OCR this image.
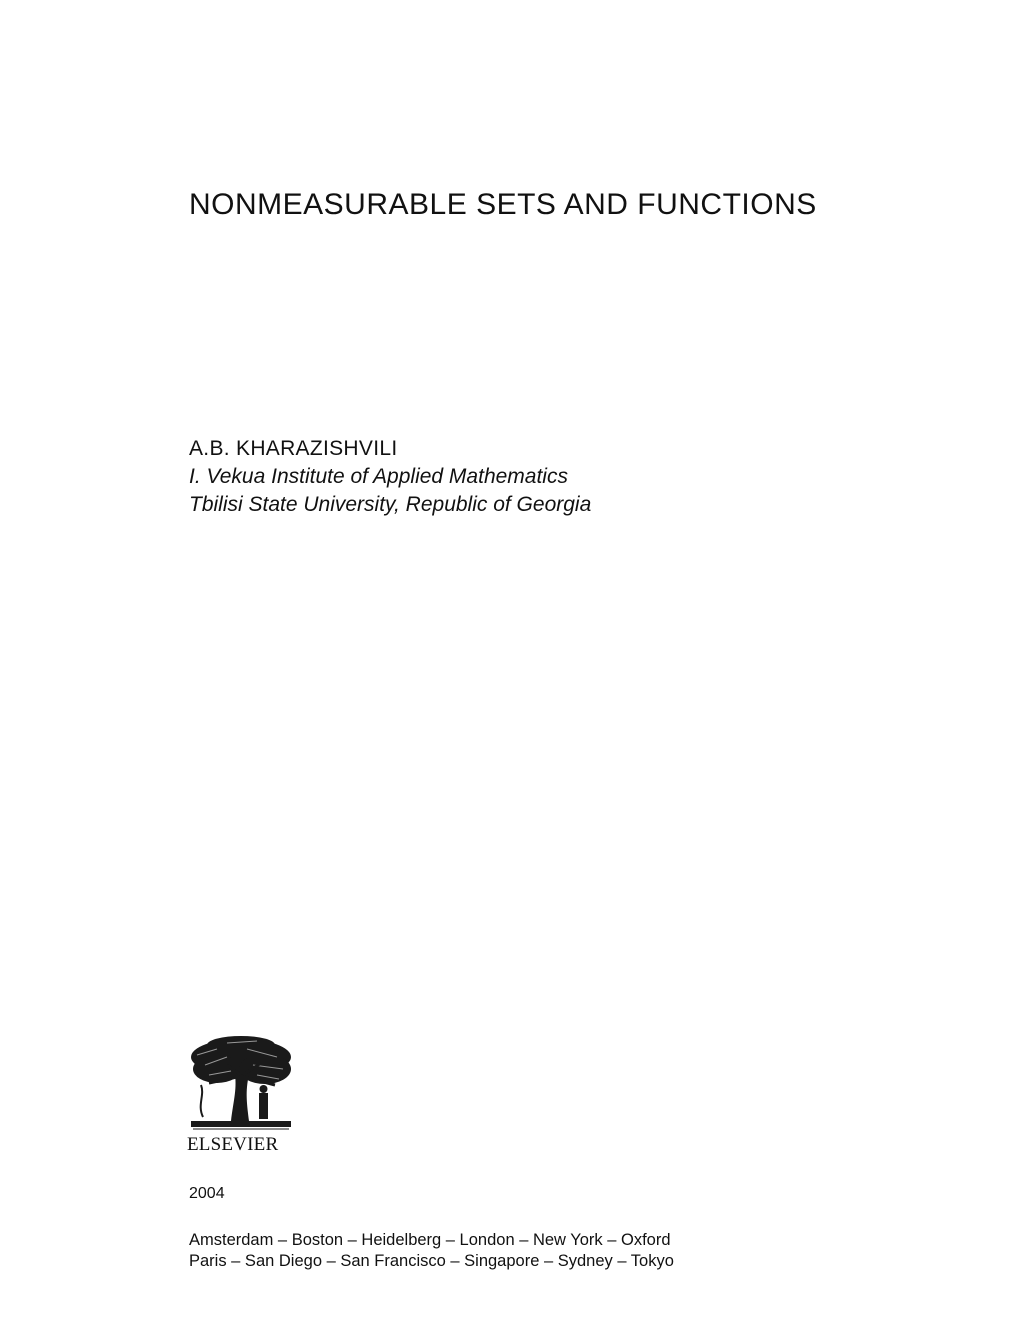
NONMEASURABLE SETS AND FUNCTIONS
A.B. KHARAZISHVILI
I. Vekua Institute of Applied Mathematics
Tbilisi State University, Republic of Georgia
ELSEVIER
2004
Amsterdam – Boston – Heidelberg – London – New York – Oxford
Paris – San Diego – San Francisco – Singapore – Sydney – Tokyo
